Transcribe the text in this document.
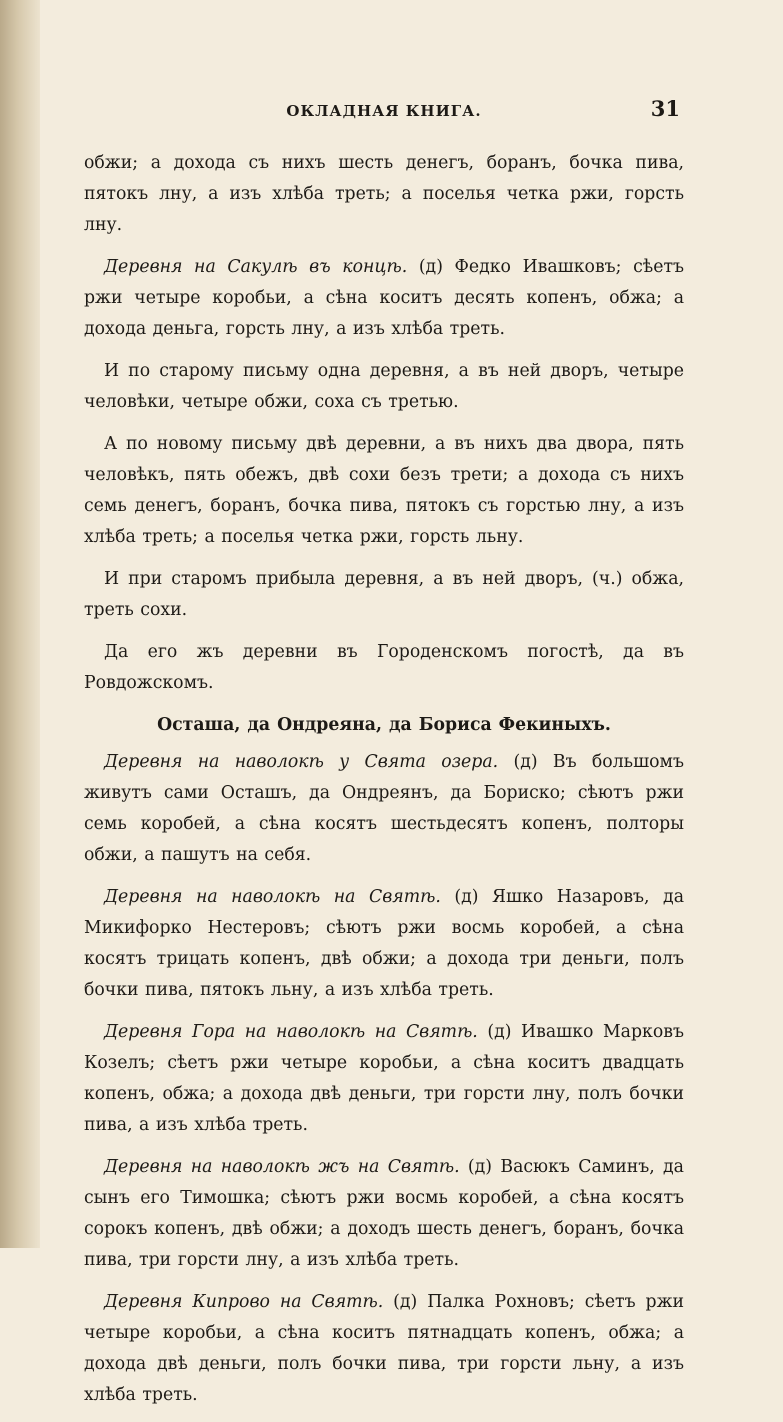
ОКЛАДНАЯ КНИГА.	31

обжи; а дохода съ нихъ шесть денегъ, боранъ, бочка пива, пятокъ лну, а изъ хлѣба треть; а поселья четка ржи, горсть лну.

Деревня на Сакулѣ въ концѣ. (д) Федко Ивашковъ; сѣетъ ржи четыре коробьи, а сѣна коситъ десять копенъ, обжа; а дохода деньга, горсть лну, а изъ хлѣба треть.

И по старому письму одна деревня, а въ ней дворъ, четыре человѣки, четыре обжи, соха съ третью.

А по новому письму двѣ деревни, а въ нихъ два двора, пять человѣкъ, пять обежъ, двѣ сохи безъ трети; а дохода съ нихъ семь денегъ, боранъ, бочка пива, пятокъ съ горстью лну, а изъ хлѣба треть; а поселья четка ржи, горсть льну.

И при старомъ прибыла деревня, а въ ней дворъ, (ч.) обжа, треть сохи.

Да его жъ деревни въ Городенскомъ погостѣ, да въ Ровдожскомъ.

Осташа, да Ондреяна, да Бориса Фекиныхъ.

Деревня на наволокѣ у Свята озера. (д) Въ большомъ живутъ сами Осташъ, да Ондреянъ, да Бориско; сѣютъ ржи семь коробей, а сѣна косятъ шестьдесятъ копенъ, полторы обжи, а пашутъ на себя.

Деревня на наволокѣ на Святѣ. (д) Яшко Назаровъ, да Микифорко Нестеровъ; сѣютъ ржи восмь коробей, а сѣна косятъ трицать копенъ, двѣ обжи; а дохода три деньги, полъ бочки пива, пятокъ льну, а изъ хлѣба треть.

Деревня Гора на наволокѣ на Святѣ. (д) Ивашко Марковъ Козелъ; сѣетъ ржи четыре коробьи, а сѣна коситъ двадцать копенъ, обжа; а дохода двѣ деньги, три горсти лну, полъ бочки пива, а изъ хлѣба треть.

Деревня на наволокѣ жъ на Святѣ. (д) Васюкъ Саминъ, да сынъ его Тимошка; сѣютъ ржи восмь коробей, а сѣна косятъ сорокъ копенъ, двѣ обжи; а доходъ шесть денегъ, боранъ, бочка пива, три горсти лну, а изъ хлѣба треть.

Деревня Кипрово на Святѣ. (д) Палка Рохновъ; сѣетъ ржи четыре коробьи, а сѣна коситъ пятнадцать копенъ, обжа; а дохода двѣ деньги, полъ бочки пива, три горсти льну, а изъ хлѣба треть.
